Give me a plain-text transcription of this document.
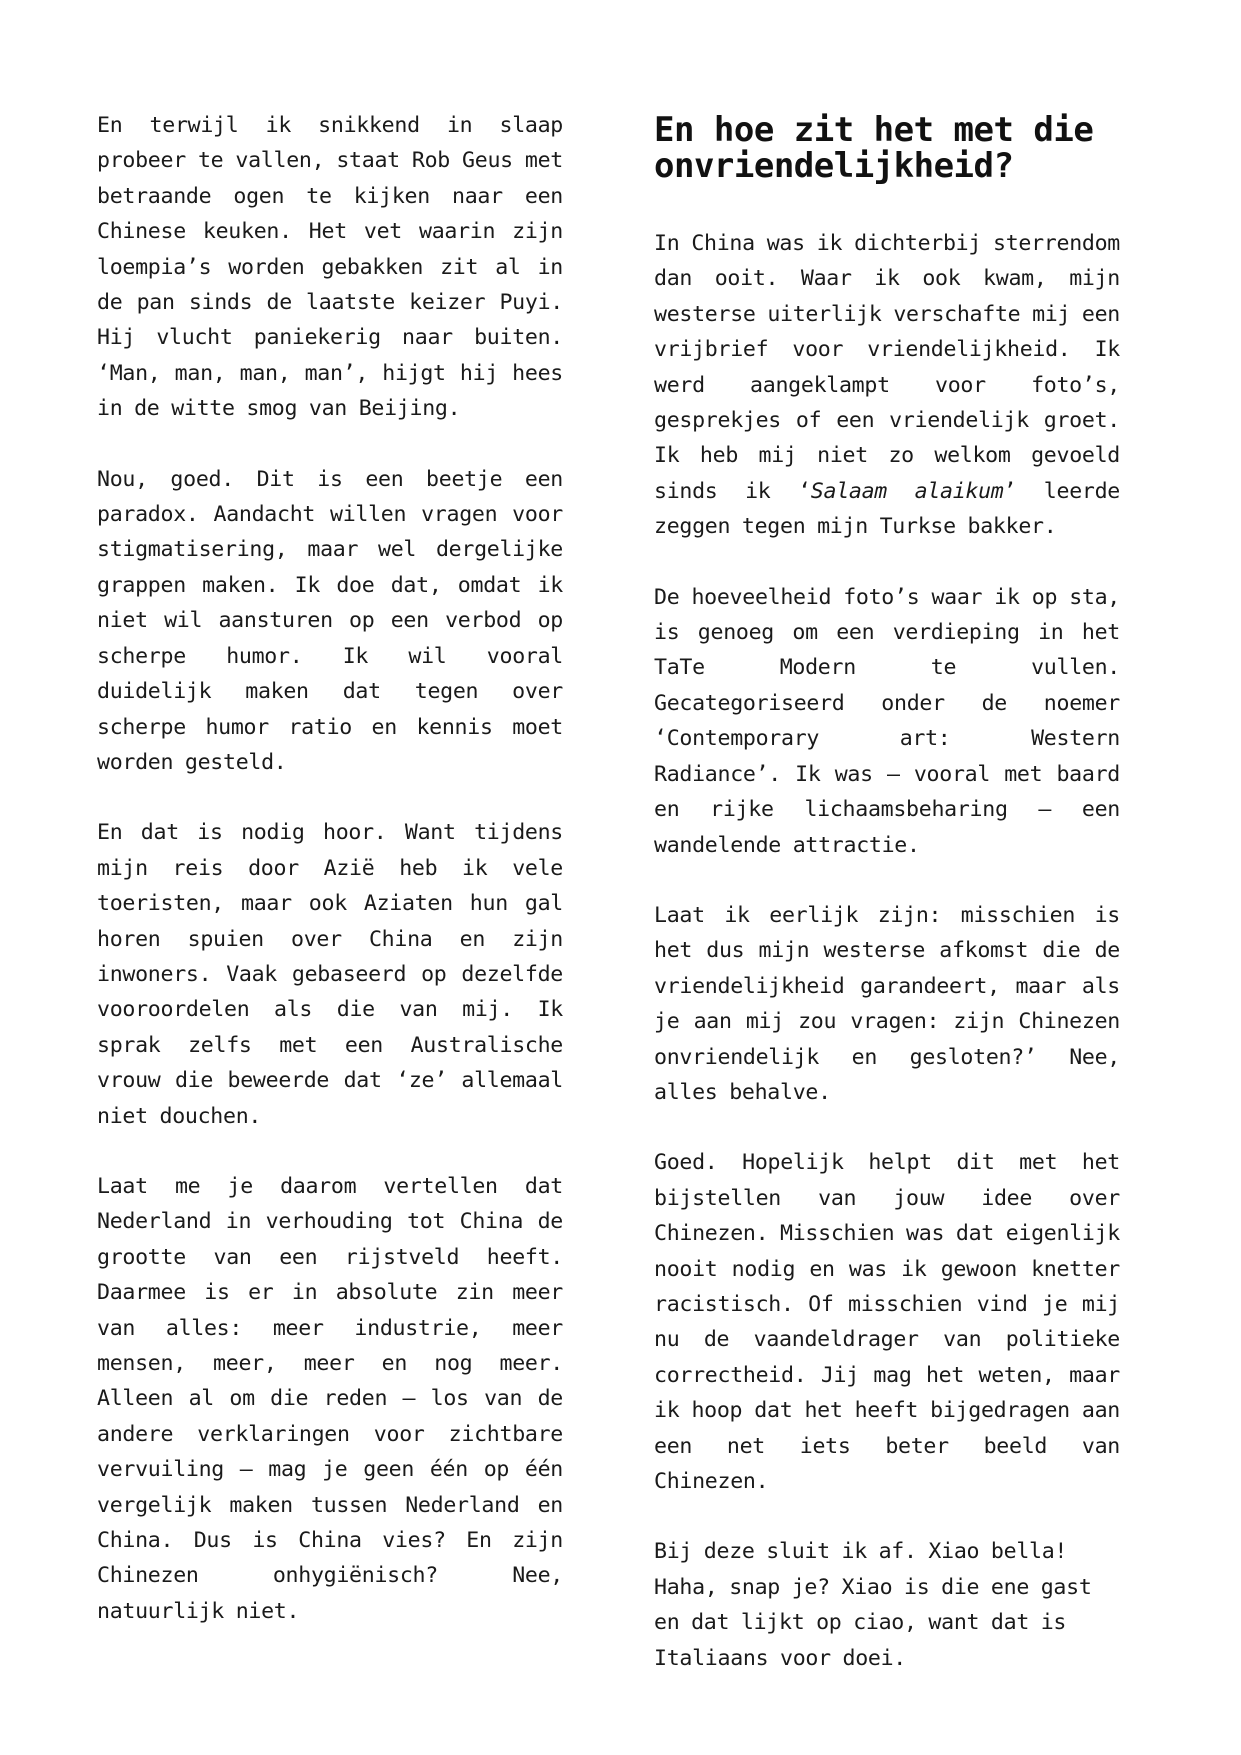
En terwijl ik snikkend in slaap probeer te vallen, staat Rob Geus met betraande ogen te kijken naar een Chinese keuken. Het vet waarin zijn loempia’s worden gebakken zit al in de pan sinds de laatste keizer Puyi. Hij vlucht paniekerig naar buiten. ‘Man, man, man, man’, hijgt hij hees in de witte smog van Beijing.

Nou, goed. Dit is een beetje een paradox. Aandacht willen vragen voor stigmatisering, maar wel dergelijke grappen maken. Ik doe dat, omdat ik niet wil aansturen op een verbod op scherpe humor. Ik wil vooral duidelijk maken dat tegen over scherpe humor ratio en kennis moet worden gesteld.

En dat is nodig hoor. Want tijdens mijn reis door Azië heb ik vele toeristen, maar ook Aziaten hun gal horen spuien over China en zijn inwoners. Vaak gebaseerd op dezelfde vooroordelen als die van mij. Ik sprak zelfs met een Australische vrouw die beweerde dat ‘ze’ allemaal niet douchen.

Laat me je daarom vertellen dat Nederland in verhouding tot China de grootte van een rijstveld heeft. Daarmee is er in absolute zin meer van alles: meer industrie, meer mensen, meer, meer en nog meer. Alleen al om die reden – los van de andere verklaringen voor zichtbare vervuiling – mag je geen één op één vergelijk maken tussen Nederland en China. Dus is China vies? En zijn Chinezen onhygiënisch? Nee, natuurlijk niet.

En hoe zit het met die onvriendelijkheid?

In China was ik dichterbij sterrendom dan ooit. Waar ik ook kwam, mijn westerse uiterlijk verschafte mij een vrijbrief voor vriendelijkheid. Ik werd aangeklampt voor foto’s, gesprekjes of een vriendelijk groet. Ik heb mij niet zo welkom gevoeld sinds ik ‘Salaam alaikum’ leerde zeggen tegen mijn Turkse bakker.

De hoeveelheid foto’s waar ik op sta, is genoeg om een verdieping in het TaTe Modern te vullen. Gecategoriseerd onder de noemer ‘Contemporary art: Western Radiance’. Ik was – vooral met baard en rijke lichaamsbeharing – een wandelende attractie.

Laat ik eerlijk zijn: misschien is het dus mijn westerse afkomst die de vriendelijkheid garandeert, maar als je aan mij zou vragen: zijn Chinezen onvriendelijk en gesloten?’ Nee, alles behalve.

Goed. Hopelijk helpt dit met het bijstellen van jouw idee over Chinezen. Misschien was dat eigenlijk nooit nodig en was ik gewoon knetter racistisch. Of misschien vind je mij nu de vaandeldrager van politieke correctheid. Jij mag het weten, maar ik hoop dat het heeft bijgedragen aan een net iets beter beeld van Chinezen.

Bij deze sluit ik af. Xiao bella! Haha, snap je? Xiao is die ene gast en dat lijkt op ciao, want dat is Italiaans voor doei.
